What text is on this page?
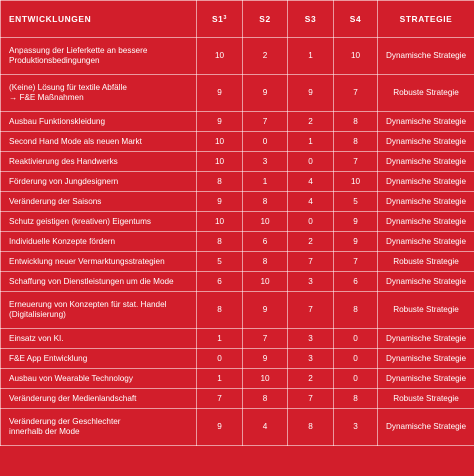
ENTWICKLUNGEN	$S1^3$	S2	S3	S4	STRATEGIE
Anpassung der Lieferkette an bessere
Produktionsbedingungen	10	2	1	10	Dynamische Strategie
(Keine) Lösung für textile Abfälle
→ F&E Maßnahmen	9	9	9	7	Robuste Strategie
Ausbau Funktionskleidung	9	7	2	8	Dynamische Strategie
Second Hand Mode als neuen Markt	10	0	1	8	Dynamische Strategie
Reaktivierung des Handwerks	10	3	0	7	Dynamische Strategie
Förderung von Jungdesignern	8	1	4	10	Dynamische Strategie
Veränderung der Saisons	9	8	4	5	Dynamische Strategie
Schutz geistigen (kreativen) Eigentums	10	10	0	9	Dynamische Strategie
Individuelle Konzepte fördern	8	6	2	9	Dynamische Strategie
Entwicklung neuer Vermarktungsstrategien	5	8	7	7	Robuste Strategie
Schaffung von Dienstleistungen um die Mode	6	10	3	6	Dynamische Strategie
Erneuerung von Konzepten für stat. Handel
(Digitalisierung)	8	9	7	8	Robuste Strategie
Einsatz von KI.	1	7	3	0	Dynamische Strategie
F&E App Entwicklung	0	9	3	0	Dynamische Strategie
Ausbau von Wearable Technology	1	10	2	0	Dynamische Strategie
Veränderung der Medienlandschaft	7	8	7	8	Robuste Strategie
Veränderung der Geschlechter
innerhalb der Mode	9	4	8	3	Dynamische Strategie
